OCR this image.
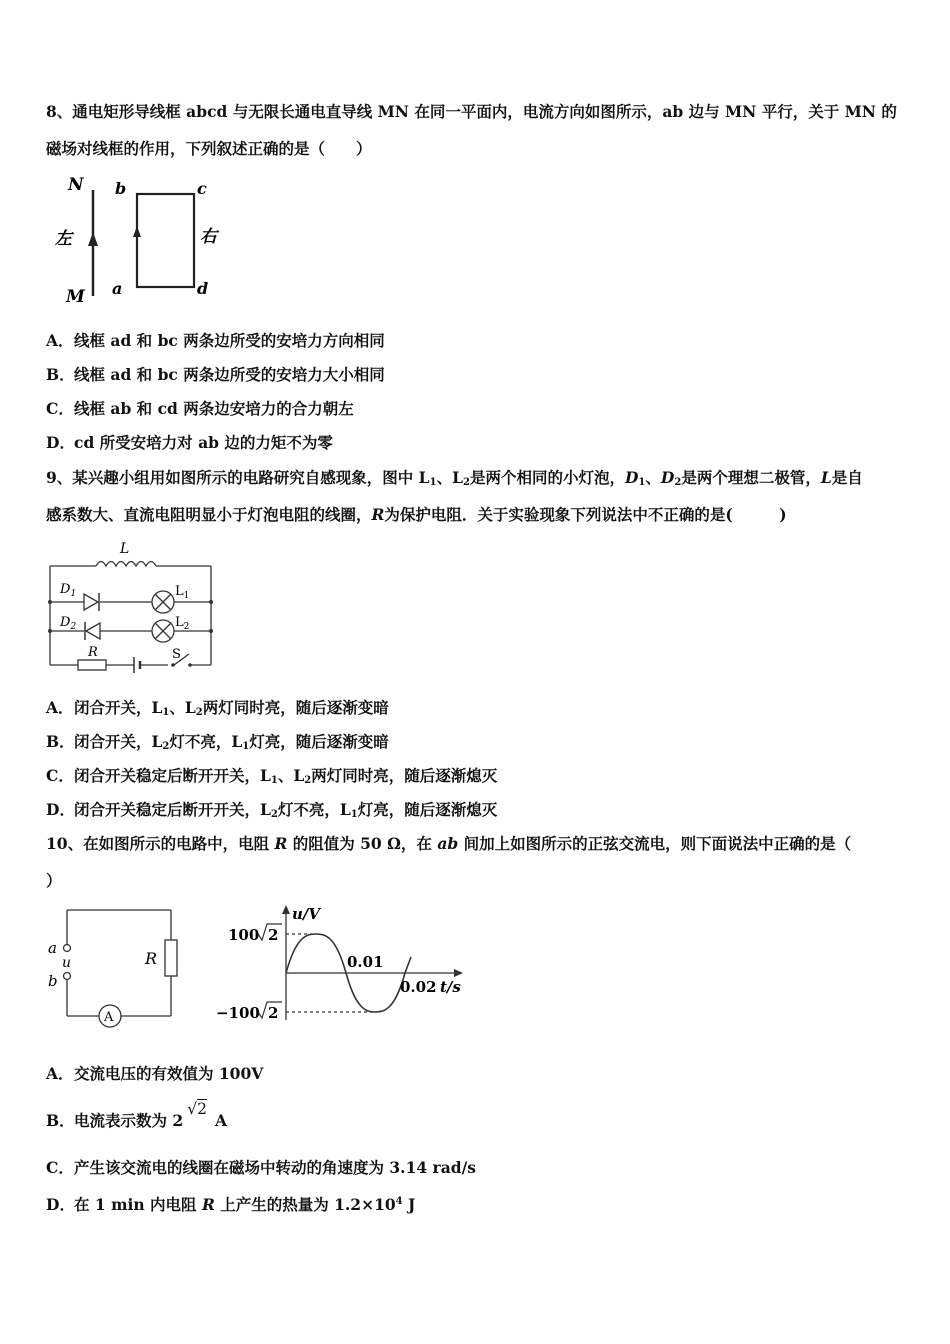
8、通电矩形导线框 abcd 与无限长通电直导线 MN 在同一平面内，电流方向如图所示，ab 边与 MN 平行，关于 MN 的
磁场对线框的作用，下列叙述正确的是（　　）
N
M
左	右
b	c
a	d
A．线框 ad 和 bc 两条边所受的安培力方向相同
B．线框 ad 和 bc 两条边所受的安培力大小相同
C．线框 ab 和 cd 两条边安培力的合力朝左
D．cd 所受安培力对 ab 边的力矩不为零
9、某兴趣小组用如图所示的电路研究自感现象，图中 $L_1$、$L_2$是两个相同的小灯泡，$D_1$、$D_2$是两个理想二极管，L是自
感系数大、直流电阻明显小于灯泡电阻的线圈，R为保护电阻．关于实验现象下列说法中不正确的是(　　　)
L
$D_1$	$L_1$
$D_2$	$L_2$
R	S
A．闭合开关，$L_1$、$L_2$两灯同时亮，随后逐渐变暗
B．闭合开关，$L_2$灯不亮，$L_1$灯亮，随后逐渐变暗
C．闭合开关稳定后断开开关，$L_1$、$L_2$两灯同时亮，随后逐渐熄灭
D．闭合开关稳定后断开开关，$L_2$灯不亮，$L_1$灯亮，随后逐渐熄灭
10、在如图所示的电路中，电阻 R 的阻值为 50 Ω，在 ab 间加上如图所示的正弦交流电，则下面说法中正确的是（
）
a
u
b
R
A
u/V
100 2
−100 2
0.01
0.02 t/s
A．交流电压的有效值为 100V
B．电流表示数为 2√2A
C．产生该交流电的线圈在磁场中转动的角速度为 3.14 rad/s
D．在 1 min 内电阻 R 上产生的热量为 $1.2\times 10^4$ J
